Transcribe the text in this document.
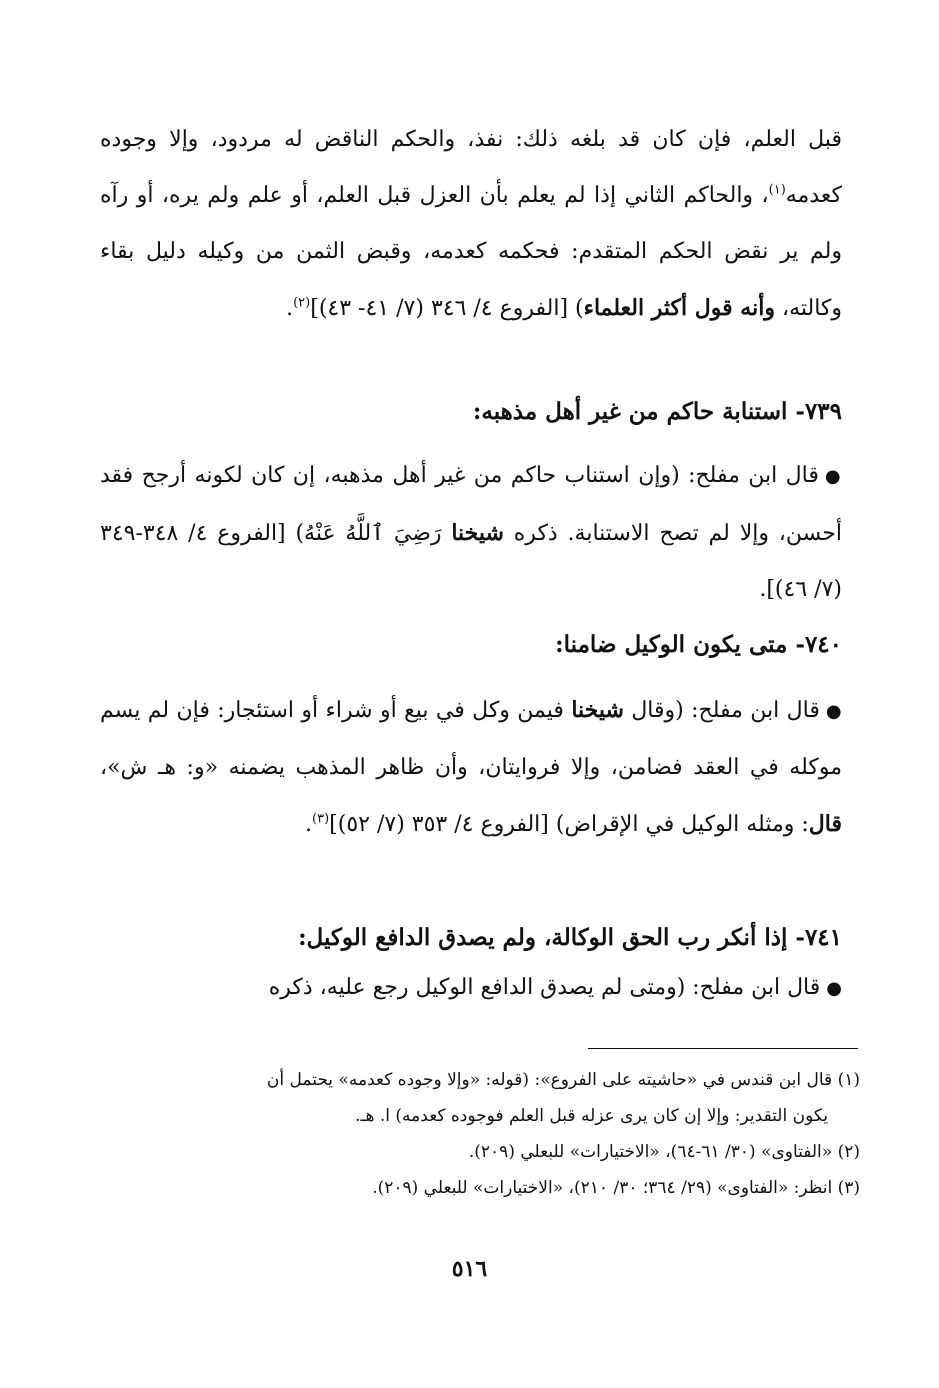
قبل العلم، فإن كان قد بلغه ذلك: نفذ، والحكم الناقض له مردود، وإلا وجوده كعدمه$^{(١)}$، والحاكم الثاني إذا لم يعلم بأن العزل قبل العلم، أو علم ولم يره، أو رآه ولم ير نقض الحكم المتقدم: فحكمه كعدمه، وقبض الثمن من وكيله دليل بقاء وكالته، وأنه قول أكثر العلماء) [الفروع ٤/ ٣٤٦ (٧/ ٤١- ٤٣)]$^{(٢)}$.
٧٣٩- استنابة حاكم من غير أهل مذهبه:
●قال ابن مفلح: (وإن استناب حاكم من غير أهل مذهبه، إن كان لكونه أرجح فقد أحسن، وإلا لم تصح الاستنابة. ذكره شيخنا رَضِيَ ٱللَّهُ عَنْهُ) [الفروع ٤/ ٣٤٨-٣٤٩ (٧/ ٤٦)].
٧٤٠- متى يكون الوكيل ضامنا:
●قال ابن مفلح: (وقال شيخنا فيمن وكل في بيع أو شراء أو استئجار: فإن لم يسم موكله في العقد فضامن، وإلا فروايتان، وأن ظاهر المذهب يضمنه «و: هـ ش»، قال: ومثله الوكيل في الإقراض) [الفروع ٤/ ٣٥٣ (٧/ ٥٢)]$^{(٣)}$.
٧٤١- إذا أنكر رب الحق الوكالة، ولم يصدق الدافع الوكيل:
●قال ابن مفلح: (ومتى لم يصدق الدافع الوكيل رجع عليه، ذكره
(١) قال ابن قندس في «حاشيته على الفروع»: (قوله: «وإلا وجوده كعدمه» يحتمل أن
يكون التقدير: وإلا إن كان يرى عزله قبل العلم فوجوده كعدمه) ا. هـ.
(٢) «الفتاوى» (٣٠/ ٦١-٦٤)، «الاختيارات» للبعلي (٢٠٩).
(٣) انظر: «الفتاوى» (٢٩/ ٣٦٤؛ ٣٠/ ٢١٠)، «الاختيارات» للبعلي (٢٠٩).
٥١٦
